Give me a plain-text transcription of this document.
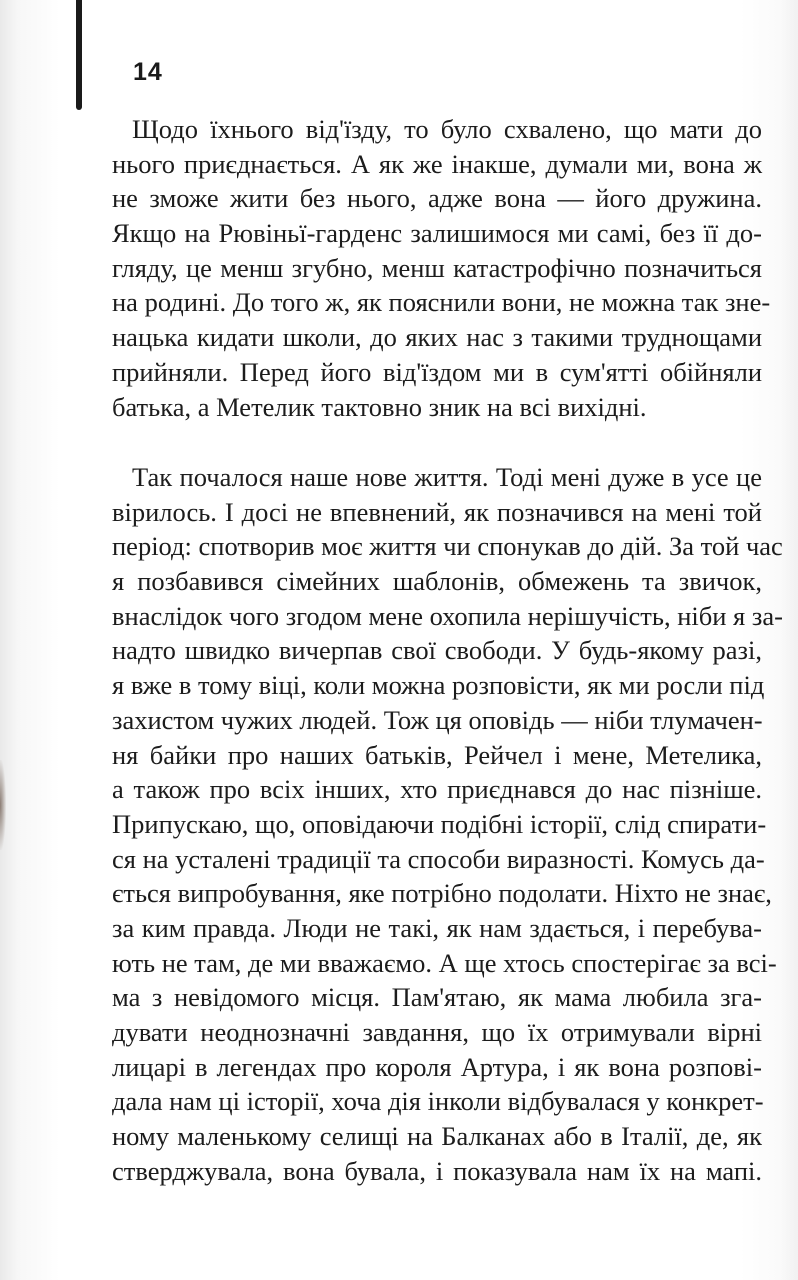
14
Щодо їхнього від'їзду, то було схвалено, що мати до
нього приєднається. А як же інакше, думали ми, вона ж
не зможе жити без нього, адже вона — його дружина.
Якщо на Рювіньї-гарденс залишимося ми самі, без її до-
гляду, це менш згубно, менш катастрофічно позначиться
на родині. До того ж, як пояснили вони, не можна так зне-
нацька кидати школи, до яких нас з такими труднощами
прийняли. Перед його від'їздом ми в сум'ятті обійняли
батька, а Метелик тактовно зник на всі вихідні.
Так почалося наше нове життя. Тоді мені дуже в усе це
вірилось. І досі не впевнений, як позначився на мені той
період: спотворив моє життя чи спонукав до дій. За той час
я позбавився сімейних шаблонів, обмежень та звичок,
внаслідок чого згодом мене охопила нерішучість, ніби я за-
надто швидко вичерпав свої свободи. У будь-якому разі,
я вже в тому віці, коли можна розповісти, як ми росли під
захистом чужих людей. Тож ця оповідь — ніби тлумачен-
ня байки про наших батьків, Рейчел і мене, Метелика,
а також про всіх інших, хто приєднався до нас пізніше.
Припускаю, що, оповідаючи подібні історії, слід спирати-
ся на усталені традиції та способи виразності. Комусь да-
ється випробування, яке потрібно подолати. Ніхто не знає,
за ким правда. Люди не такі, як нам здається, і перебува-
ють не там, де ми вважаємо. А ще хтось спостерігає за всі-
ма з невідомого місця. Пам'ятаю, як мама любила зга-
дувати неоднозначні завдання, що їх отримували вірні
лицарі в легендах про короля Артура, і як вона розпові-
дала нам ці історії, хоча дія інколи відбувалася у конкрет-
ному маленькому селищі на Балканах або в Італії, де, як
стверджувала, вона бувала, і показувала нам їх на мапі.
